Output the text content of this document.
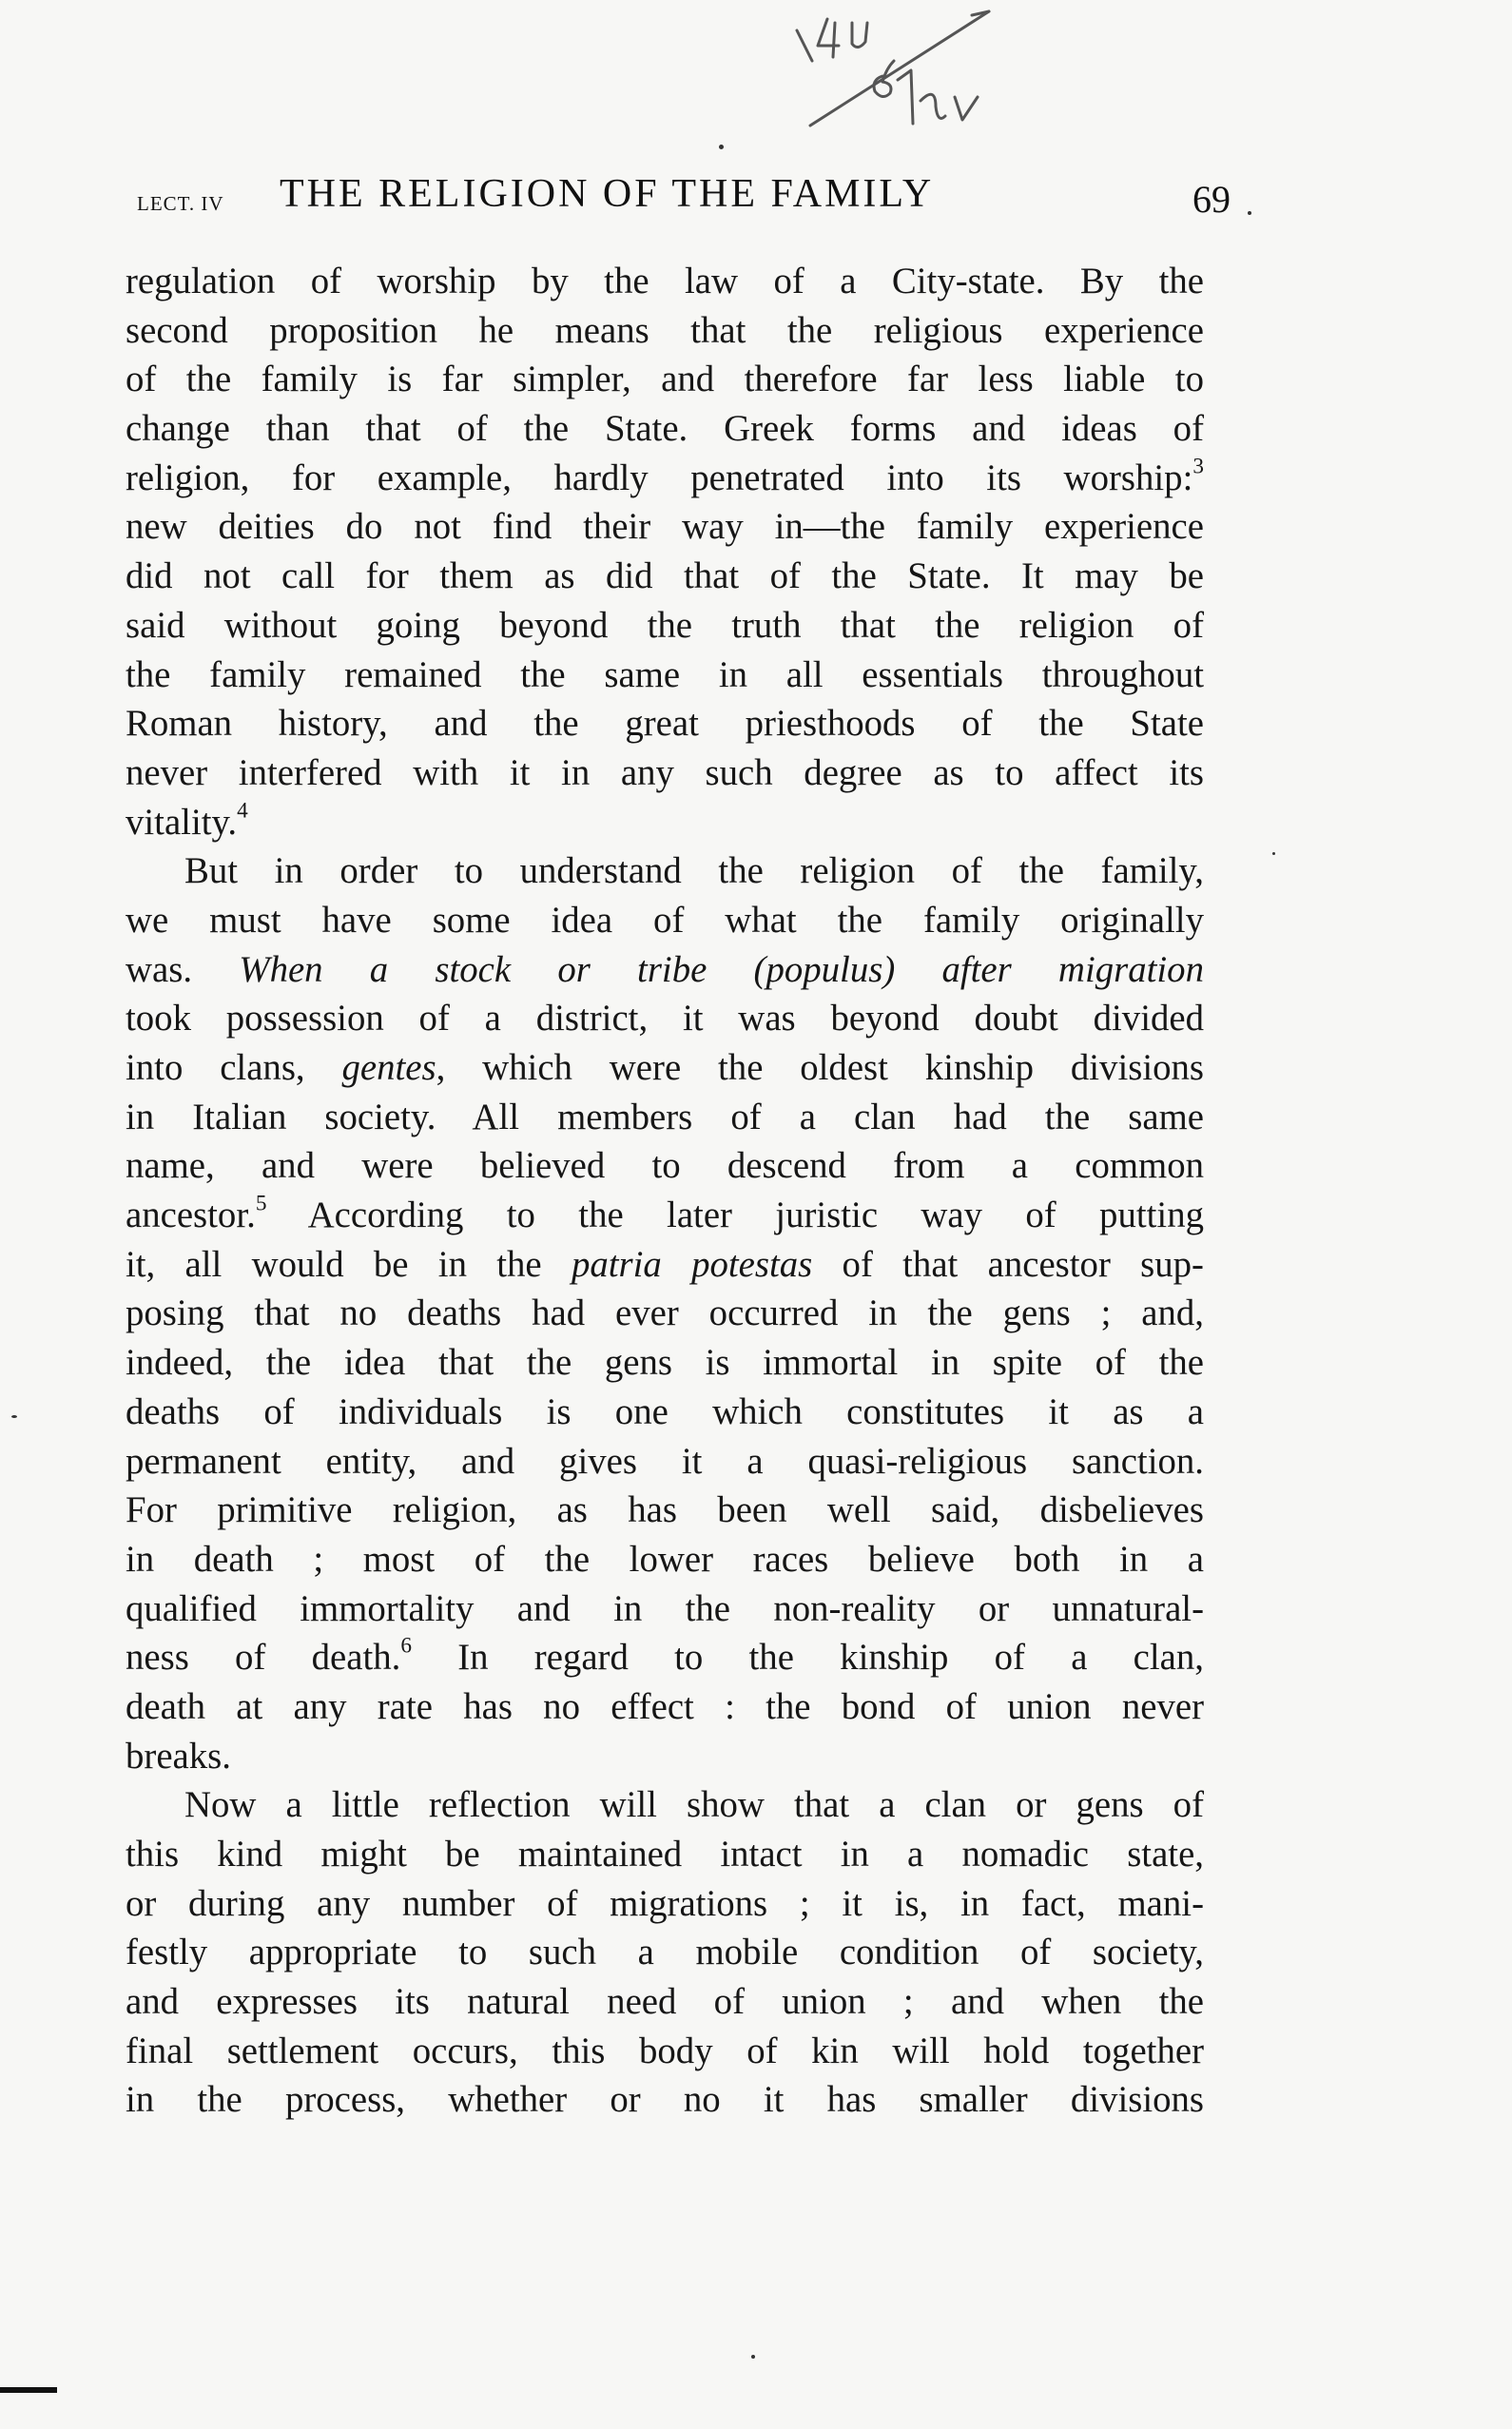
LECT. IV THE RELIGION OF THE FAMILY	69
regulation of worship by the law of a City-state. By the
second proposition he means that the religious experience
of the family is far simpler, and therefore far less liable to
change than that of the State. Greek forms and ideas of
religion, for example, hardly penetrated into its worship:$^3$
new deities do not find their way in—the family experience
did not call for them as did that of the State. It may be
said without going beyond the truth that the religion of
the family remained the same in all essentials throughout
Roman history, and the great priesthoods of the State
never interfered with it in any such degree as to affect its
vitality.$^4$
But in order to understand the religion of the family,
we must have some idea of what the family originally
was. When a stock or tribe (populus) after migration
took possession of a district, it was beyond doubt divided
into clans, gentes, which were the oldest kinship divisions
in Italian society. All members of a clan had the same
name, and were believed to descend from a common
ancestor.$^5$ According to the later juristic way of putting
it, all would be in the patria potestas of that ancestor sup-
posing that no deaths had ever occurred in the gens ; and,
indeed, the idea that the gens is immortal in spite of the
deaths of individuals is one which constitutes it as a
permanent entity, and gives it a quasi-religious sanction.
For primitive religion, as has been well said, disbelieves
in death ; most of the lower races believe both in a
qualified immortality and in the non-reality or unnatural-
ness of death.$^6$ In regard to the kinship of a clan,
death at any rate has no effect : the bond of union never
breaks.
Now a little reflection will show that a clan or gens of
this kind might be maintained intact in a nomadic state,
or during any number of migrations ; it is, in fact, mani-
festly appropriate to such a mobile condition of society,
and expresses its natural need of union ; and when the
final settlement occurs, this body of kin will hold together
in the process, whether or no it has smaller divisions
